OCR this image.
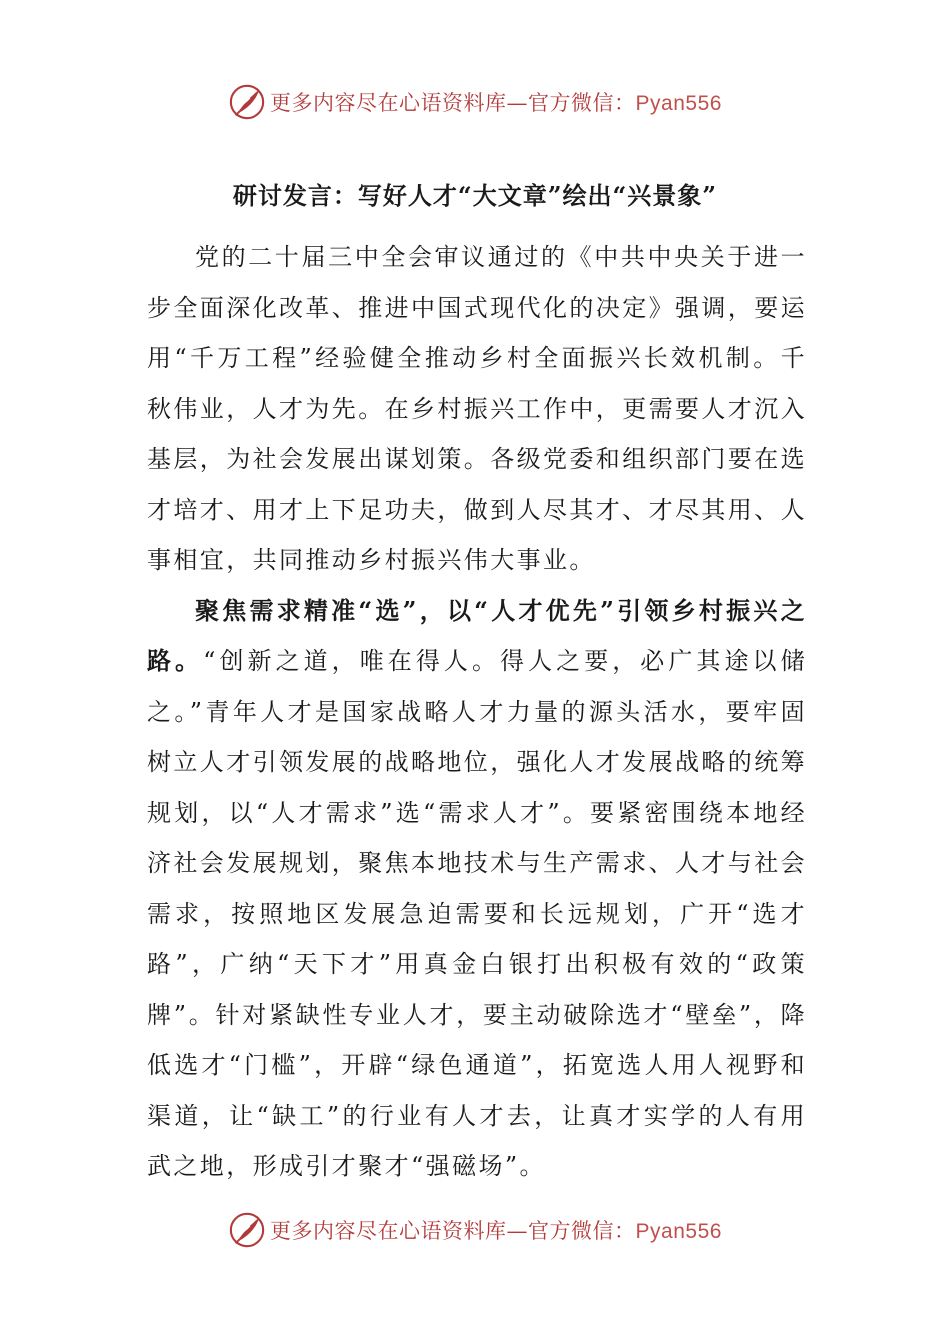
更多内容尽在心语资料库—官方微信：Pyan556
研讨发言：写好人才“大文章”绘出“兴景象”

党的二十届三中全会审议通过的《中共中央关于进一步全面深化改革、推进中国式现代化的决定》强调，要运用“千万工程”经验健全推动乡村全面振兴长效机制。千秋伟业，人才为先。在乡村振兴工作中，更需要人才沉入基层，为社会发展出谋划策。各级党委和组织部门要在选才培才、用才上下足功夫，做到人尽其才、才尽其用、人事相宜，共同推动乡村振兴伟大事业。

聚焦需求精准“选”，以“人才优先”引领乡村振兴之路。“创新之道，唯在得人。得人之要，必广其途以储之。”青年人才是国家战略人才力量的源头活水，要牢固树立人才引领发展的战略地位，强化人才发展战略的统筹规划，以“人才需求”选“需求人才”。要紧密围绕本地经济社会发展规划，聚焦本地技术与生产需求、人才与社会需求，按照地区发展急迫需要和长远规划，广开“选才路”，广纳“天下才”用真金白银打出积极有效的“政策牌”。针对紧缺性专业人才，要主动破除选才“壁垒”，降低选才“门槛”，开辟“绿色通道”，拓宽选人用人视野和渠道，让“缺工”的行业有人才去，让真才实学的人有用武之地，形成引才聚才“强磁场”。

更多内容尽在心语资料库—官方微信：Pyan556
